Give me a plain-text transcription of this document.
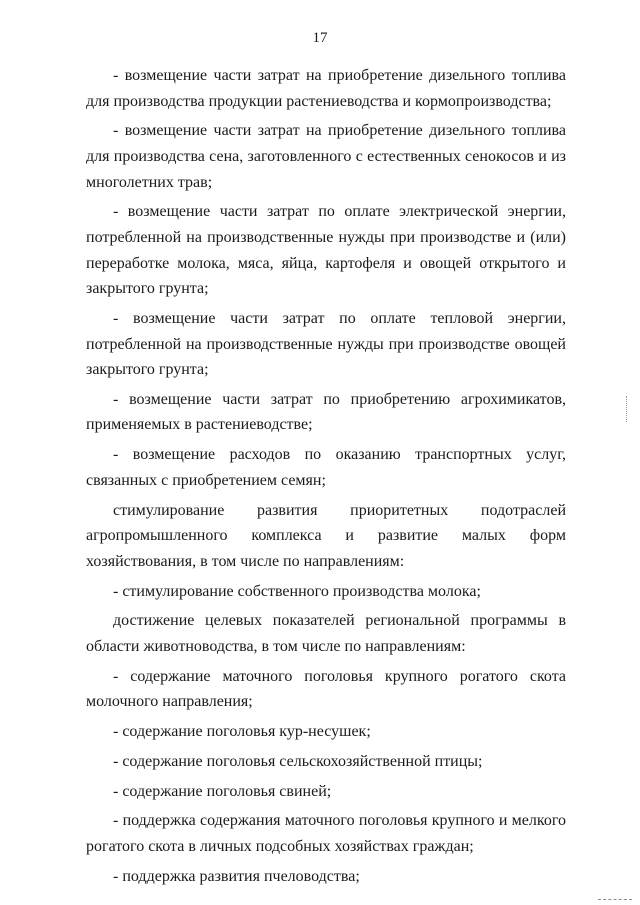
17

- возмещение части затрат на приобретение дизельного топлива для производства продукции растениеводства и кормопроизводства;

- возмещение части затрат на приобретение дизельного топлива для производства сена, заготовленного с естественных сенокосов и из многолетних трав;

- возмещение части затрат по оплате электрической энергии, потребленной на производственные нужды при производстве и (или) переработке молока, мяса, яйца, картофеля и овощей открытого и закрытого грунта;

- возмещение части затрат по оплате тепловой энергии, потребленной на производственные нужды при производстве овощей закрытого грунта;

- возмещение части затрат по приобретению агрохимикатов, применяемых в растениеводстве;

- возмещение расходов по оказанию транспортных услуг, связанных с приобретением семян;

стимулирование развития приоритетных подотраслей агропромышленного комплекса и развитие малых форм хозяйствования, в том числе по направлениям:

- стимулирование собственного производства молока;

достижение целевых показателей региональной программы в области животноводства, в том числе по направлениям:

- содержание маточного поголовья крупного рогатого скота молочного направления;

- содержание поголовья кур-несушек;

- содержание поголовья сельскохозяйственной птицы;

- содержание поголовья свиней;

- поддержка содержания маточного поголовья крупного и мелкого рогатого скота в личных подсобных хозяйствах граждан;

- поддержка развития пчеловодства;
